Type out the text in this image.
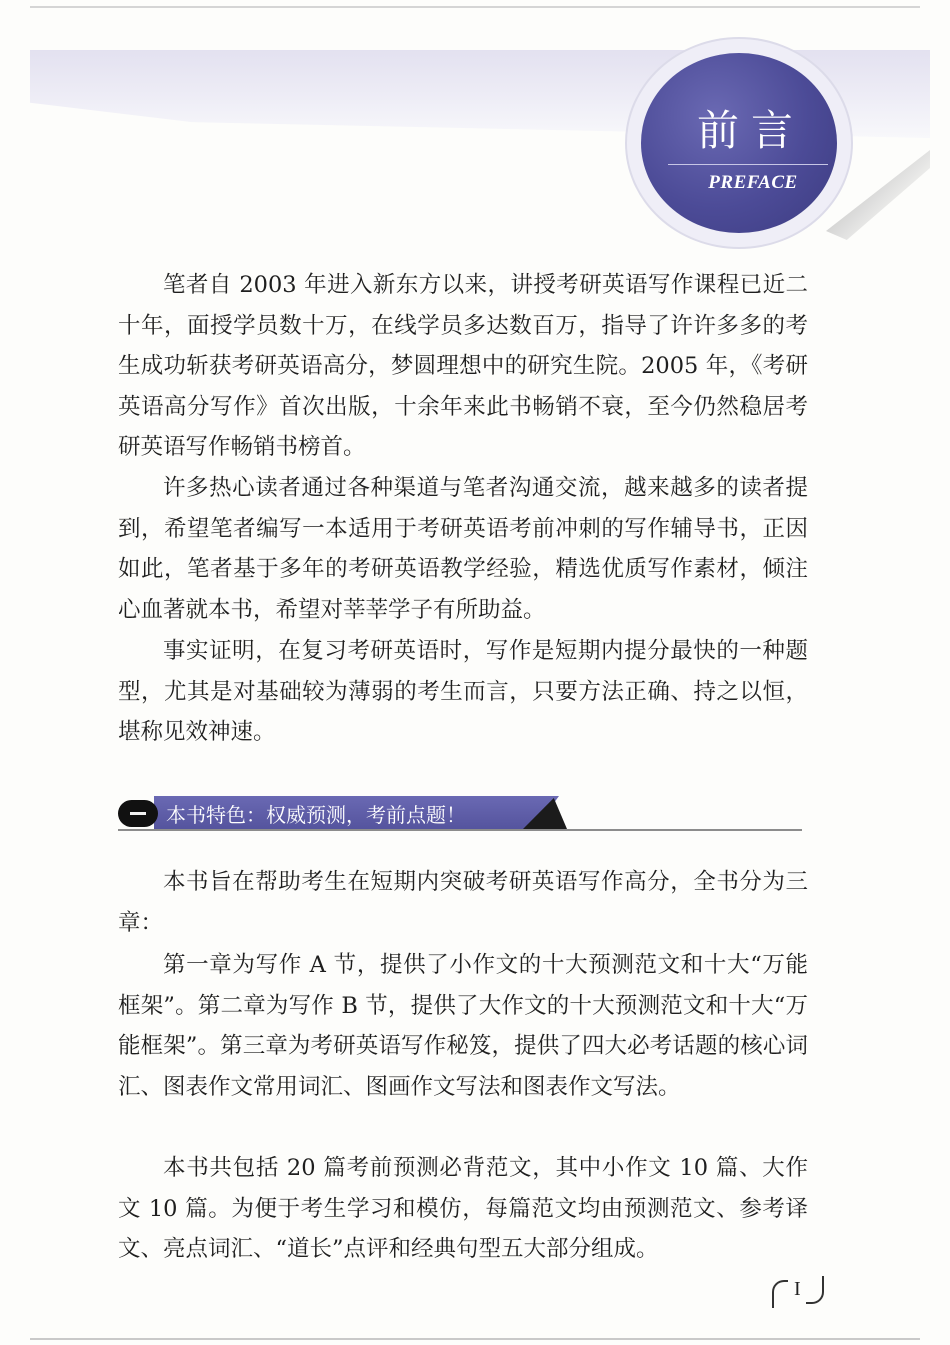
前言
PREFACE

笔者自 2003 年进入新东方以来，讲授考研英语写作课程已近二十年，面授学员数十万，在线学员多达数百万，指导了许许多多的考生成功斩获考研英语高分，梦圆理想中的研究生院。2005 年，《考研英语高分写作》首次出版，十余年来此书畅销不衰，至今仍然稳居考研英语写作畅销书榜首。

许多热心读者通过各种渠道与笔者沟通交流，越来越多的读者提到，希望笔者编写一本适用于考研英语考前冲刺的写作辅导书，正因如此，笔者基于多年的考研英语教学经验，精选优质写作素材，倾注心血著就本书，希望对莘莘学子有所助益。

事实证明，在复习考研英语时，写作是短期内提分最快的一种题型，尤其是对基础较为薄弱的考生而言，只要方法正确、持之以恒，堪称见效神速。

本书特色：权威预测，考前点题！

本书旨在帮助考生在短期内突破考研英语写作高分，全书分为三章：

第一章为写作 A 节，提供了小作文的十大预测范文和十大“万能框架”。第二章为写作 B 节，提供了大作文的十大预测范文和十大“万能框架”。第三章为考研英语写作秘笈，提供了四大必考话题的核心词汇、图表作文常用词汇、图画作文写法和图表作文写法。

本书共包括 20 篇考前预测必背范文，其中小作文 10 篇、大作文 10 篇。为便于考生学习和模仿，每篇范文均由预测范文、参考译文、亮点词汇、“道长”点评和经典句型五大部分组成。

I
